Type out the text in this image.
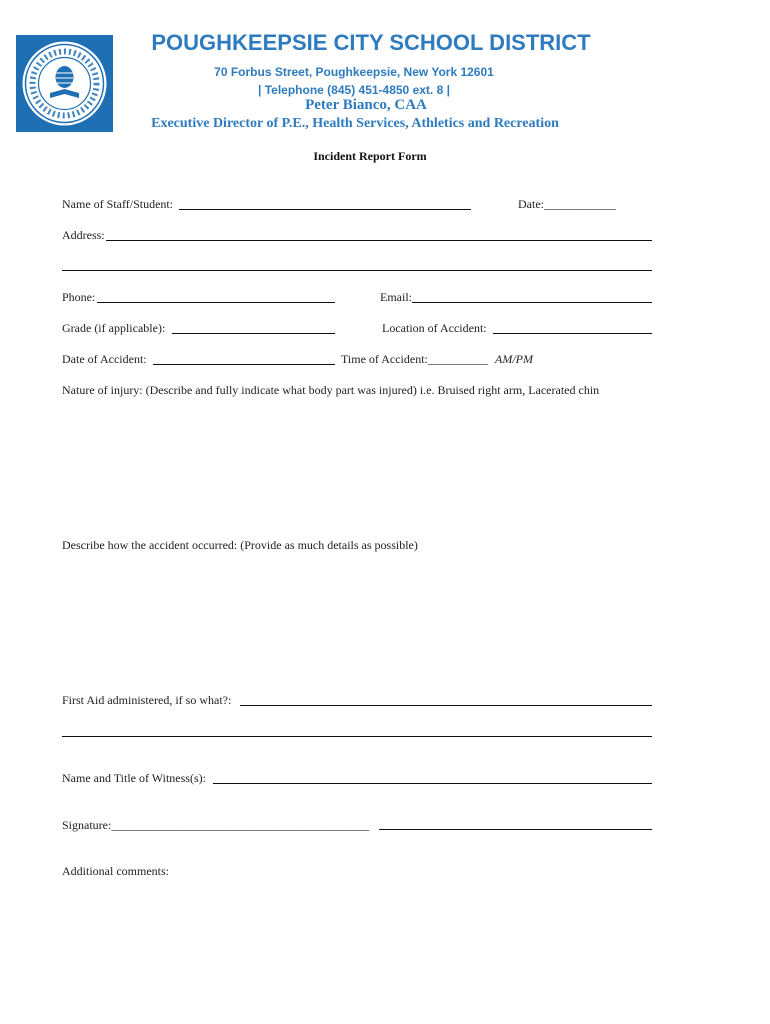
POUGHKEEPSIE CITY SCHOOL DISTRICT
70 Forbus Street, Poughkeepsie, New York 12601
| Telephone (845) 451-4850 ext. 8 |
Peter Bianco, CAA
Executive Director of P.E., Health Services, Athletics and Recreation
Incident Report Form
Name of Staff/Student:	Date:____________
Address:
Phone:	Email:
Grade (if applicable):	Location of Accident:
Date of Accident:	Time of Accident:__________ AM/PM
Nature of injury: (Describe and fully indicate what body part was injured) i.e. Bruised right arm, Lacerated chin
Describe how the accident occurred: (Provide as much details as possible)
First Aid administered, if so what?:
Name and Title of Witness(s):
Signature:___________________________________________
Additional comments:
